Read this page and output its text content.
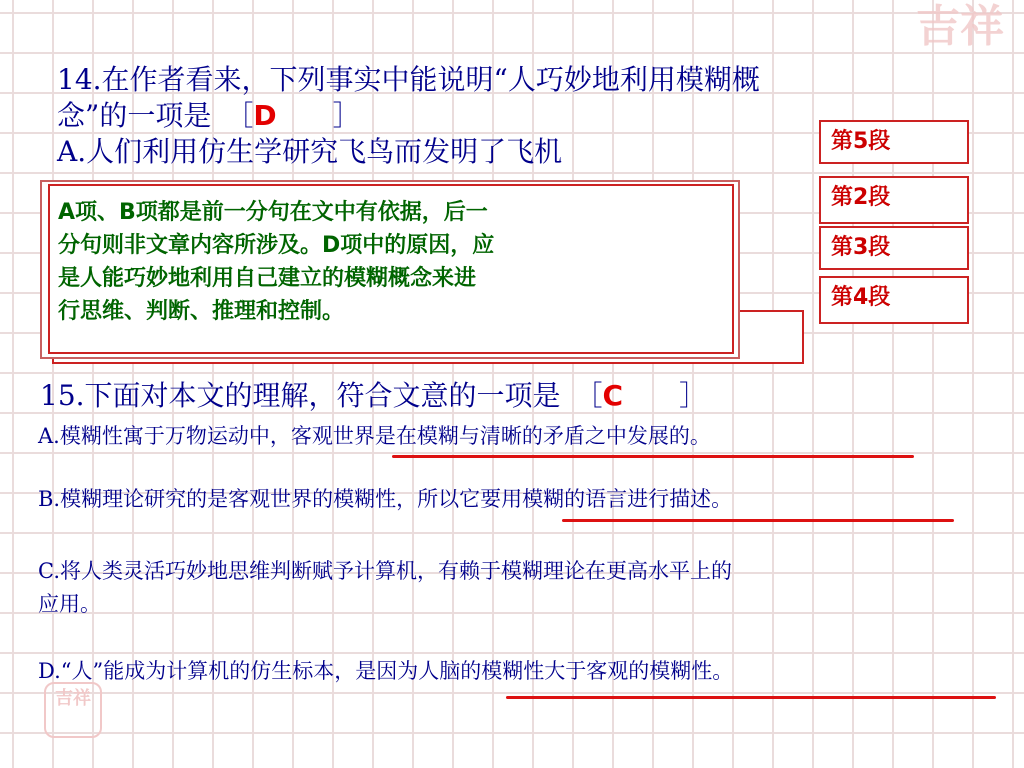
吉祥
14.在作者看来，下列事实中能说明“人巧妙地利用模糊概
念”的一项是　［D　　］
A.人们利用仿生学研究飞鸟而发明了飞机
A项、B项都是前一分句在文中有依据，后一
分句则非文章内容所涉及。D项中的原因，应
是人能巧妙地利用自己建立的模糊概念来进
行思维、判断、推理和控制。
第5段
第2段
第3段
第4段
15.下面对本文的理解，符合文意的一项是　［C　　］
A.模糊性寓于万物运动中，客观世界是在模糊与清晰的矛盾之中发展的。
B.模糊理论研究的是客观世界的模糊性，所以它要用模糊的语言进行描述。
C.将人类灵活巧妙地思维判断赋予计算机，有赖于模糊理论在更高水平上的
应用。
D.“人”能成为计算机的仿生标本，是因为人脑的模糊性大于客观的模糊性。
吉祥
